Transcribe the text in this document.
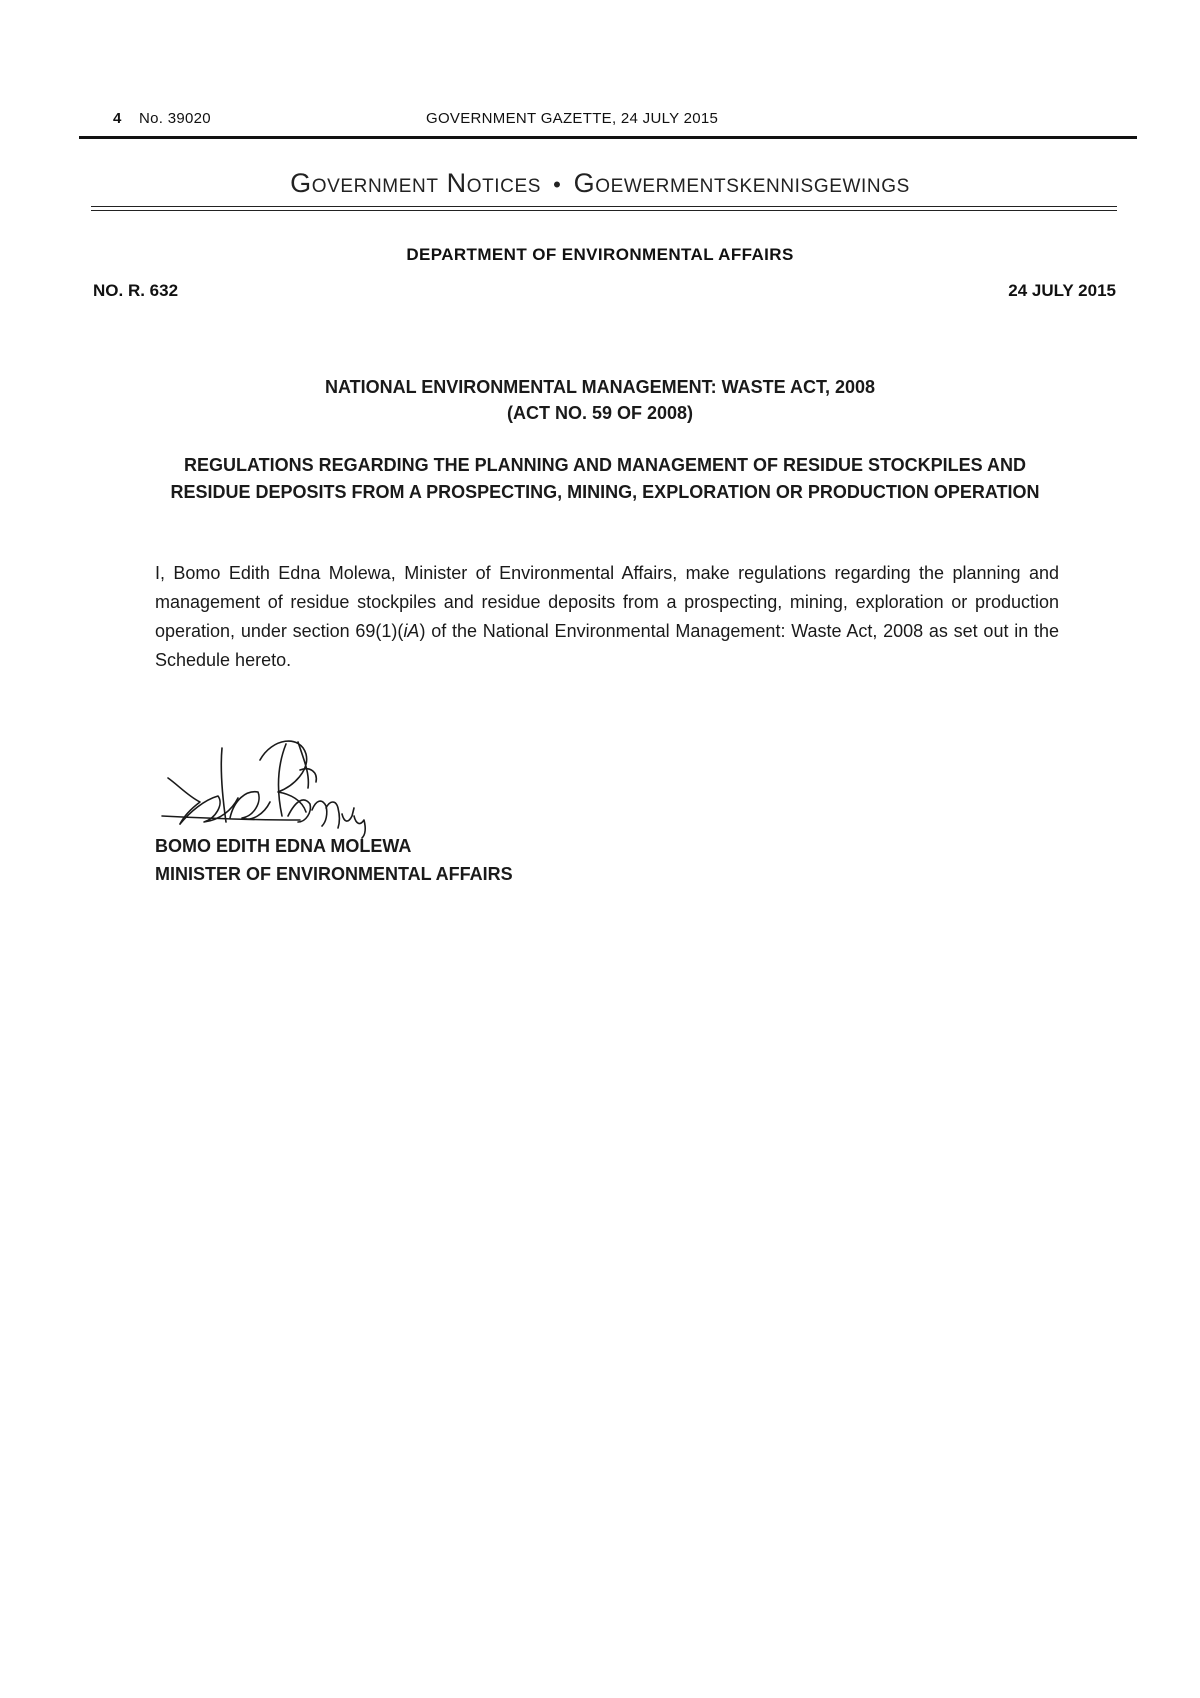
4 No. 39020	GOVERNMENT GAZETTE, 24 JULY 2015
Government Notices • Goewermentskennisgewings
DEPARTMENT OF ENVIRONMENTAL AFFAIRS
NO. R. 632	24 JULY 2015
NATIONAL ENVIRONMENTAL MANAGEMENT: WASTE ACT, 2008
(ACT NO. 59 OF 2008)
REGULATIONS REGARDING THE PLANNING AND MANAGEMENT OF RESIDUE STOCKPILES AND RESIDUE DEPOSITS FROM A PROSPECTING, MINING, EXPLORATION OR PRODUCTION OPERATION
I, Bomo Edith Edna Molewa, Minister of Environmental Affairs, make regulations regarding the planning and management of residue stockpiles and residue deposits from a prospecting, mining, exploration or production operation, under section 69(1)(iA) of the National Environmental Management: Waste Act, 2008 as set out in the Schedule hereto.
BOMO EDITH EDNA MOLEWA
MINISTER OF ENVIRONMENTAL AFFAIRS
